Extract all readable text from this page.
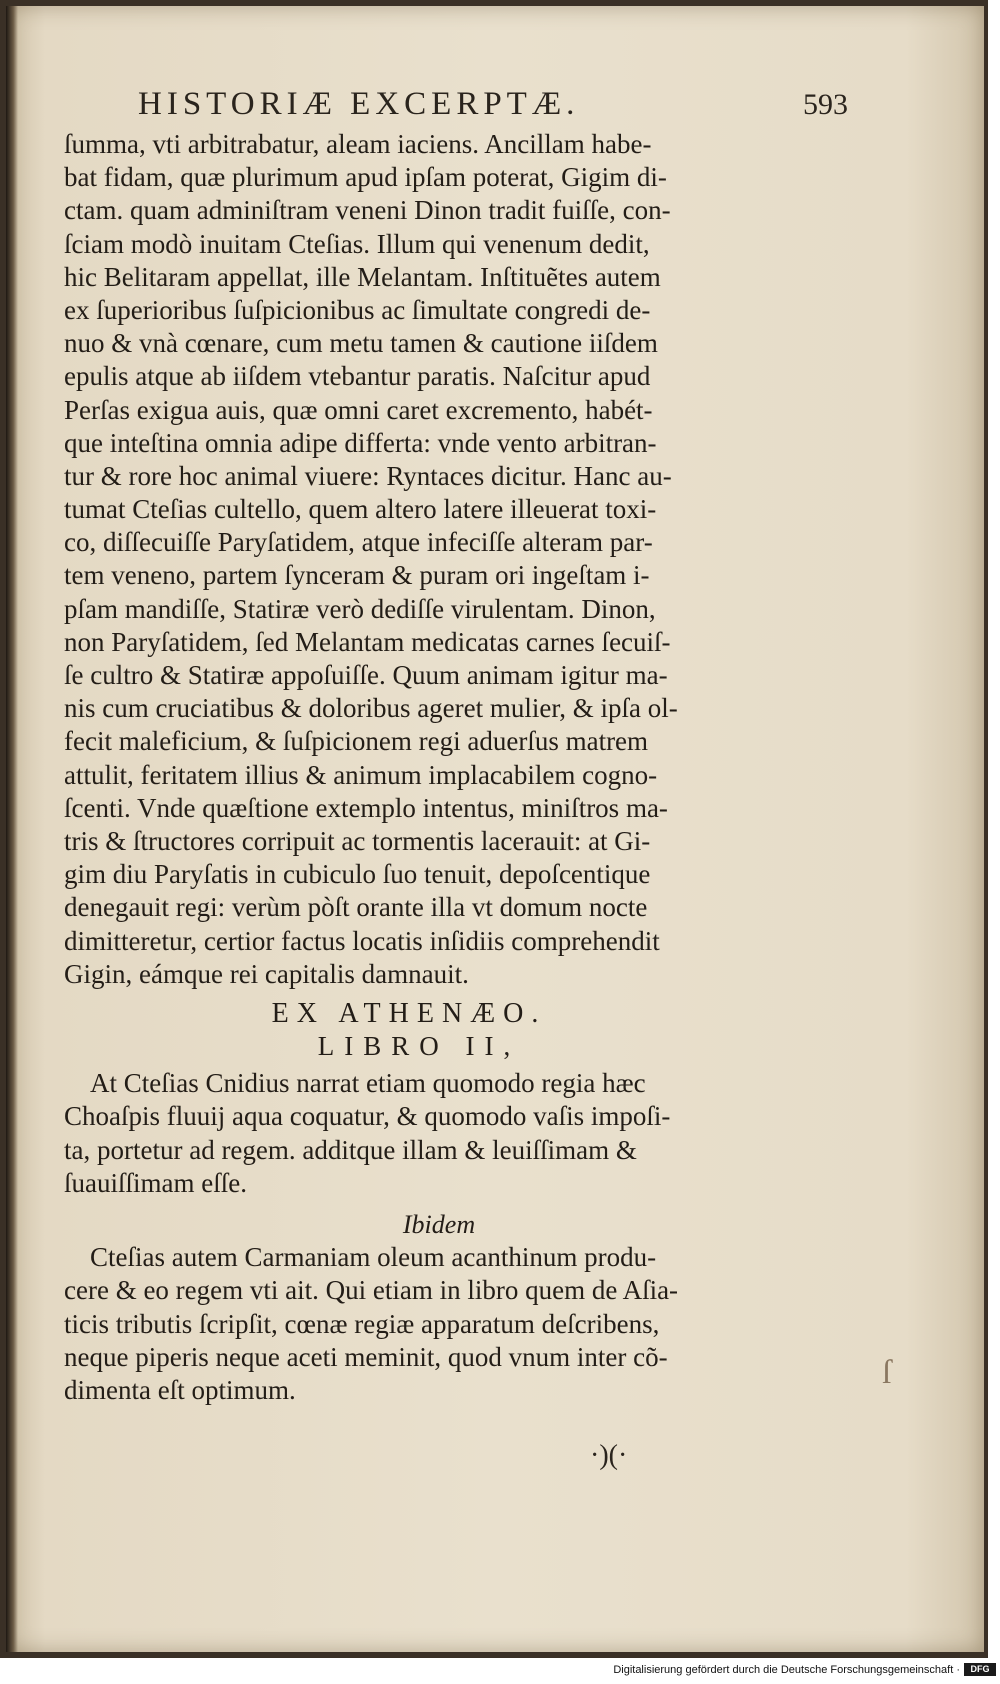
HISTORIÆ EXCERPTÆ.	593
ſumma, vti arbitrabatur, aleam iaciens. Ancillam habe-
bat fidam, quæ plurimum apud ipſam poterat, Gigim di-
ctam. quam adminiſtram veneni Dinon tradit fuiſſe, con-
ſciam modò inuitam Cteſias. Illum qui venenum dedit,
hic Belitaram appellat, ille Melantam. Inſtituẽtes autem
ex ſuperioribus ſuſpicionibus ac ſimultate congredi de-
nuo & vnà cœnare, cum metu tamen & cautione iiſdem
epulis atque ab iiſdem vtebantur paratis. Naſcitur apud
Perſas exigua auis, quæ omni caret excremento, habét-
que inteſtina omnia adipe differta: vnde vento arbitran-
tur & rore hoc animal viuere: Ryntaces dicitur. Hanc au-
tumat Cteſias cultello, quem altero latere illeuerat toxi-
co, diſſecuiſſe Paryſatidem, atque infeciſſe alteram par-
tem veneno, partem ſynceram & puram ori ingeſtam i-
pſam mandiſſe, Statiræ verò dediſſe virulentam. Dinon,
non Paryſatidem, ſed Melantam medicatas carnes ſecuiſ-
ſe cultro & Statiræ appoſuiſſe. Quum animam igitur ma-
nis cum cruciatibus & doloribus ageret mulier, & ipſa ol-
fecit maleficium, & ſuſpicionem regi aduerſus matrem
attulit, feritatem illius & animum implacabilem cogno-
ſcenti. Vnde quæſtione extemplo intentus, miniſtros ma-
tris & ſtructores corripuit ac tormentis lacerauit: at Gi-
gim diu Paryſatis in cubiculo ſuo tenuit, depoſcentique
denegauit regi: verùm pòſt orante illa vt domum nocte
dimitteretur, certior factus locatis inſidiis comprehendit
Gigin, eámque rei capitalis damnauit.
EX ATHENÆO.
LIBRO II,
At Cteſias Cnidius narrat etiam quomodo regia hæc
Choaſpis fluuij aqua coquatur, & quomodo vaſis impoſi-
ta, portetur ad regem. additque illam & leuiſſimam &
ſuauiſſimam eſſe.
Ibidem
Cteſias autem Carmaniam oleum acanthinum produ-
cere & eo regem vti ait. Qui etiam in libro quem de Aſia-
ticis tributis ſcripſit, cœnæ regiæ apparatum deſcribens,
neque piperis neque aceti meminit, quod vnum inter cõ-
dimenta eſt optimum.
·)(·
ſ
Digitalisierung gefördert durch die Deutsche Forschungsgemeinschaft ·	DFG
